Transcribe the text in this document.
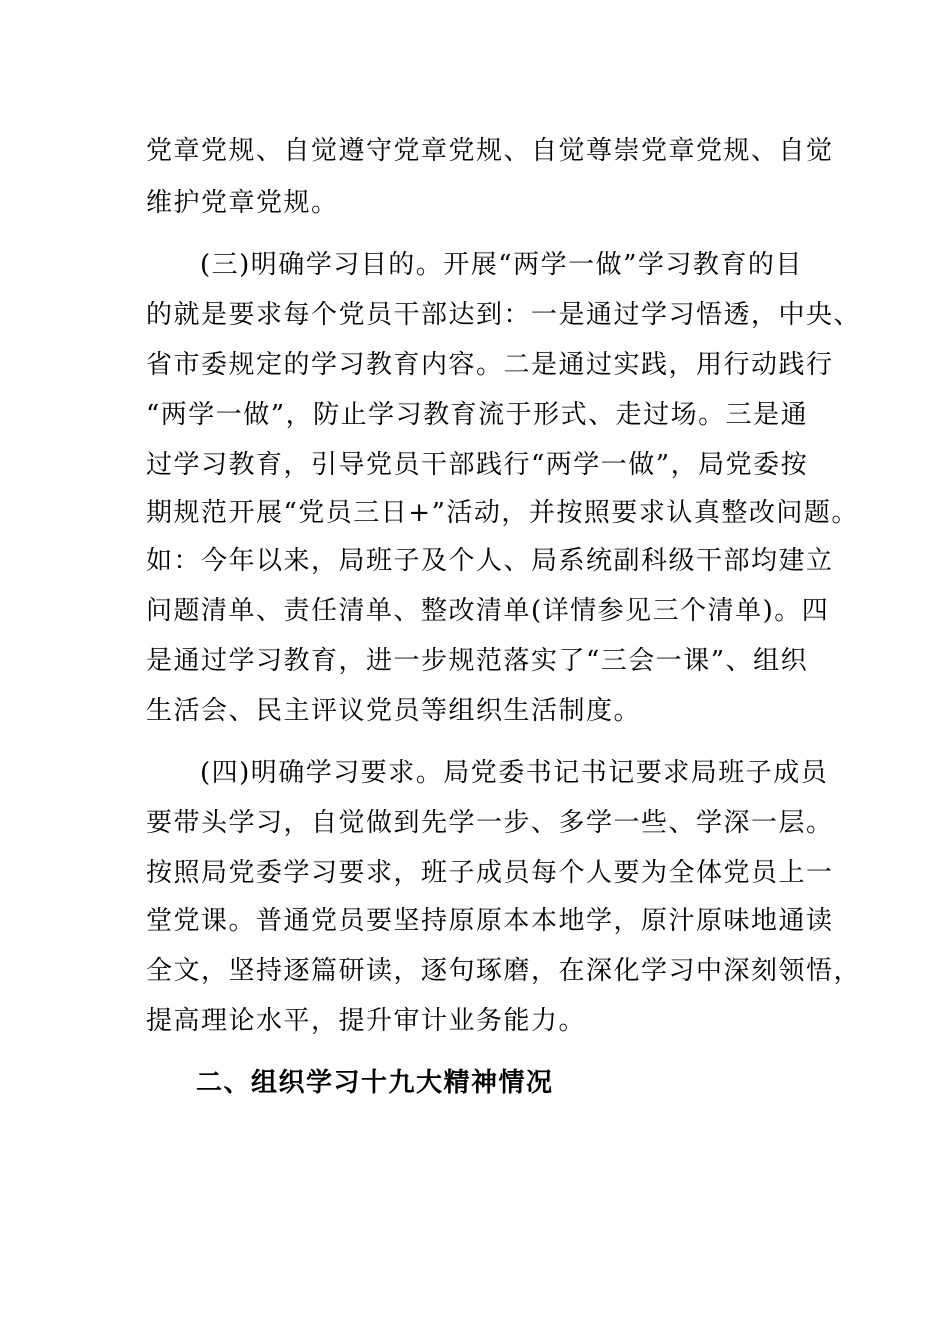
党章党规、自觉遵守党章党规、自觉尊崇党章党规、自觉
维护党章党规。
(三)明确学习目的。开展“两学一做”学习教育的目
的就是要求每个党员干部达到：一是通过学习悟透，中央、
省市委规定的学习教育内容。二是通过实践，用行动践行
“两学一做”，防止学习教育流于形式、走过场。三是通
过学习教育，引导党员干部践行“两学一做”，局党委按
期规范开展“党员三日+”活动，并按照要求认真整改问题。
如：今年以来，局班子及个人、局系统副科级干部均建立
问题清单、责任清单、整改清单(详情参见三个清单)。四
是通过学习教育，进一步规范落实了“三会一课”、组织
生活会、民主评议党员等组织生活制度。
(四)明确学习要求。局党委书记书记要求局班子成员
要带头学习，自觉做到先学一步、多学一些、学深一层。
按照局党委学习要求，班子成员每个人要为全体党员上一
堂党课。普通党员要坚持原原本本地学，原汁原味地通读
全文，坚持逐篇研读，逐句琢磨，在深化学习中深刻领悟，
提高理论水平，提升审计业务能力。
二、组织学习十九大精神情况
